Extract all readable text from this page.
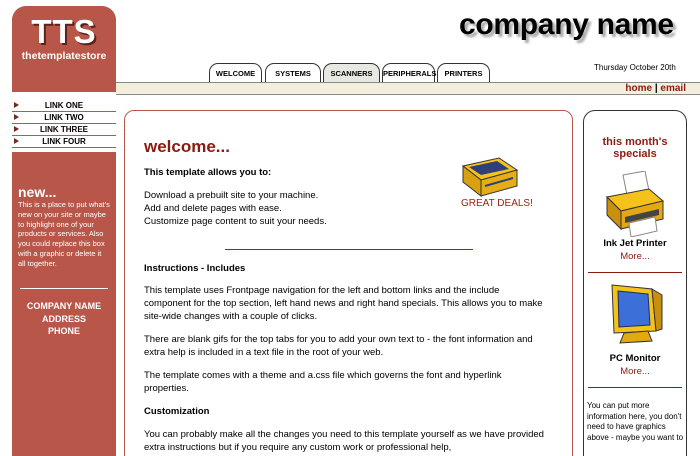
TTS
thetemplatestore
LINK ONE
LINK TWO
LINK THREE
LINK FOUR
new...
This is a place to put what's new on your site or maybe to highlight one of your products or services. Also you could replace this box with a graphic or delete it all together.
COMPANY NAME
ADDRESS
PHONE
company name
Thursday October 20th
WELCOME	SYSTEMS	SCANNERS	PERIPHERALS	PRINTERS
home | email
welcome...
This template allows you to:
Download a prebuilt site to your machine.
Add and delete pages with ease.
Customize page content to suit your needs.
GREAT DEALS!
Instructions - Includes
This template uses Frontpage navigation for the left and bottom links and the include component for the top section, left hand news and right hand specials. This allows you to make site-wide changes with a couple of clicks.
There are blank gifs for the top tabs for you to add your own text to - the font information and extra help is included in a text file in the root of your web.
The template comes with a theme and a.css file which governs the font and hyperlink properties.
Customization
You can probably make all the changes you need to this template yourself as we have provided extra instructions but if you require any custom work or professional help,
this month's
specials
Ink Jet Printer
More...
PC Monitor
More...
You can put more information here, you don't need to have graphics above - maybe you want to
